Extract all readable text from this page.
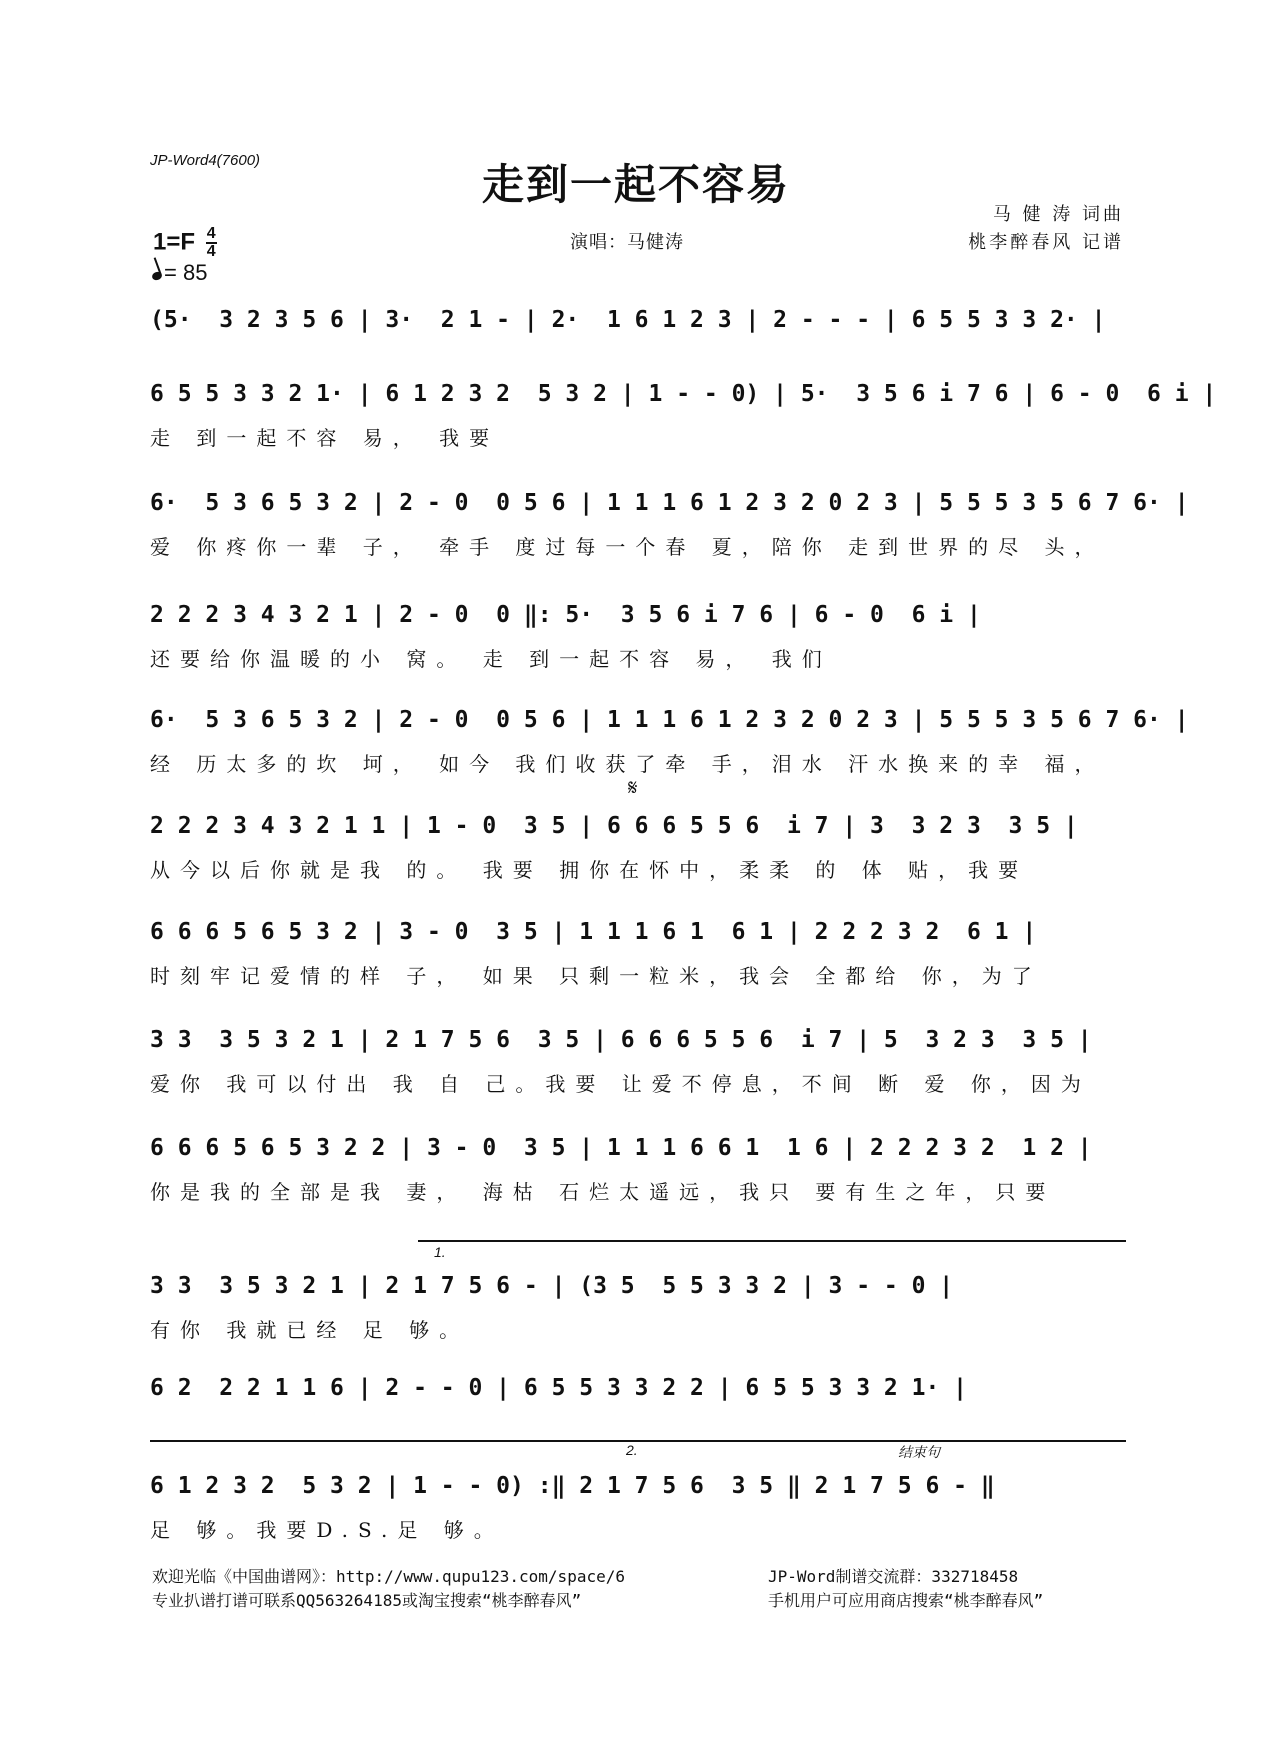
JP-Word4(7600)	走到一起不容易
马 健 涛 词曲
桃李醉春风 记谱
演唱：马健涛
$1=F \frac{4}{4}$
= 85
(5·  3 2 3 5 6 | 3·  2 1 - | 2·  1 6 1 2 3 | 2 - - - | 6 5 5 3 3 2· |
6 5 5 3 3 2 1· | 6 1 2 3 2  5 3 2 | 1 - - 0) | 5·  3 5 6 i 7 6 | 6 - 0  6 i |
走 到一起不容 易， 我要
6·  5 3 6 5 3 2 | 2 - 0  0 5 6 | 1 1 1 6 1 2 3 2 0 2 3 | 5 5 5 3 5 6 7 6· |
爱 你疼你一辈 子， 牵手 度过每一个春 夏，陪你 走到世界的尽 头，
2 2 2 3 4 3 2 1 | 2 - 0  0 ‖: 5·  3 5 6 i 7 6 | 6 - 0  6 i |
还要给你温暖的小 窝。 走 到一起不容 易， 我们
6·  5 3 6 5 3 2 | 2 - 0  0 5 6 | 1 1 1 6 1 2 3 2 0 2 3 | 5 5 5 3 5 6 7 6· |
经 历太多的坎 坷， 如今 我们收获了牵 手，泪水 汗水换来的幸 福，
𝄋
2 2 2 3 4 3 2 1 1 | 1 - 0  3 5 | 6 6 6 5 5 6  i 7 | 3  3 2 3  3 5 |
从今以后你就是我 的。 我要 拥你在怀中，柔柔 的 体 贴，我要
6 6 6 5 6 5 3 2 | 3 - 0  3 5 | 1 1 1 6 1  6 1 | 2 2 2 3 2  6 1 |
时刻牢记爱情的样 子， 如果 只剩一粒米，我会 全都给 你，为了
3 3  3 5 3 2 1 | 2 1 7 5 6  3 5 | 6 6 6 5 5 6  i 7 | 5  3 2 3  3 5 |
爱你 我可以付出 我 自 己。我要 让爱不停息，不间 断 爱 你，因为
6 6 6 5 6 5 3 2 2 | 3 - 0  3 5 | 1 1 1 6 6 1  1 6 | 2 2 2 3 2  1 2 |
你是我的全部是我 妻， 海枯 石烂太遥远，我只 要有生之年，只要
1.
3 3  3 5 3 2 1 | 2 1 7 5 6 - | (3 5  5 5 3 3 2 | 3 - - 0 |
有你 我就已经 足 够。
6 2  2 2 1 1 6 | 2 - - 0 | 6 5 5 3 3 2 2 | 6 5 5 3 3 2 1· |
2.	结束句
6 1 2 3 2  5 3 2 | 1 - - 0) :‖ 2 1 7 5 6  3 5 ‖ 2 1 7 5 6 - ‖
足 够。我要D.S.足 够。
欢迎光临《中国曲谱网》：http://www.qupu123.com/space/6
专业扒谱打谱可联系QQ563264185或淘宝搜索“桃李醉春风”
JP-Word制谱交流群：332718458
手机用户可应用商店搜索“桃李醉春风”
